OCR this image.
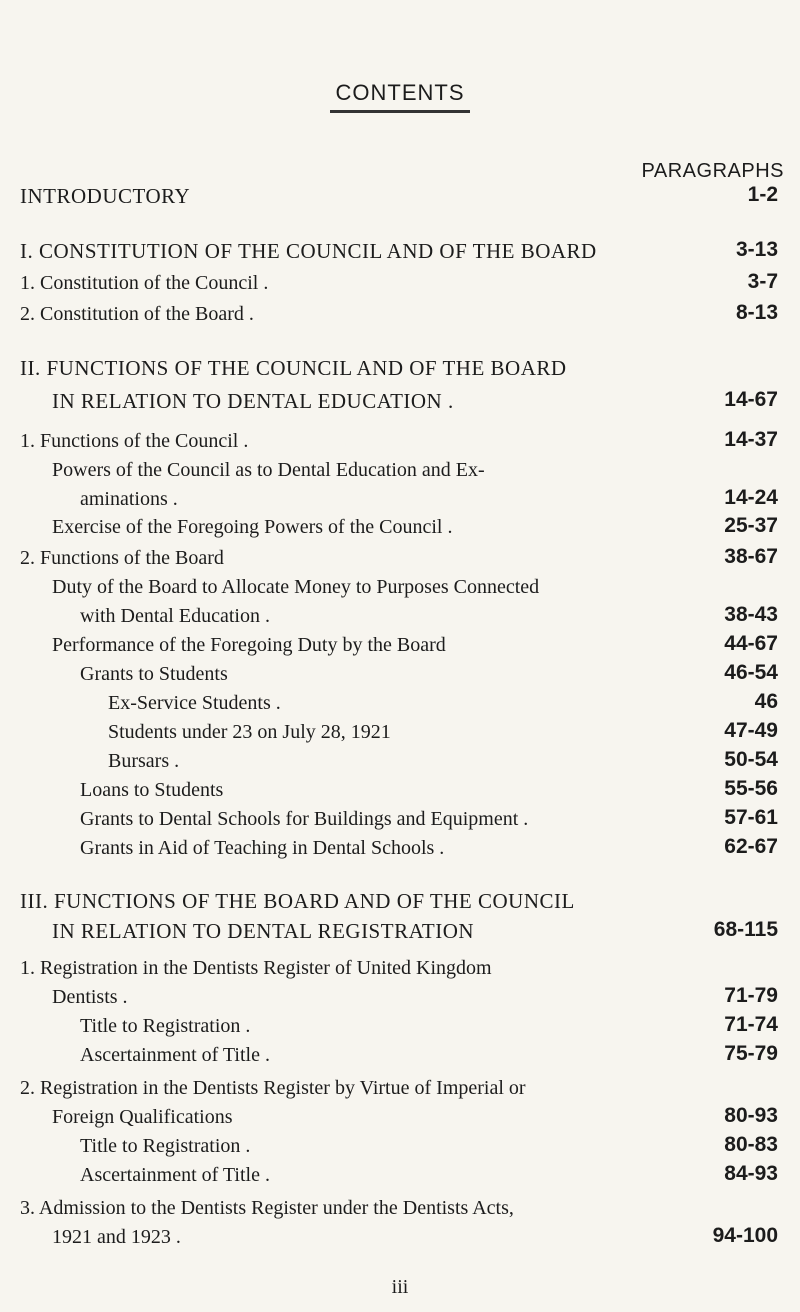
CONTENTS
PARAGRAPHS
INTRODUCTORY	1-2
I. CONSTITUTION OF THE COUNCIL AND OF THE BOARD	3-13
1. Constitution of the Council .	3-7
2. Constitution of the Board .	8-13
II. FUNCTIONS OF THE COUNCIL AND OF THE BOARD
IN RELATION TO DENTAL EDUCATION .	14-67
1. Functions of the Council .	14-37
Powers of the Council as to Dental Education and Ex-
aminations .	14-24
Exercise of the Foregoing Powers of the Council .	25-37
2. Functions of the Board	38-67
Duty of the Board to Allocate Money to Purposes Connected
with Dental Education .	38-43
Performance of the Foregoing Duty by the Board	44-67
Grants to Students	46-54
Ex-Service Students .	46
Students under 23 on July 28, 1921	47-49
Bursars .	50-54
Loans to Students	55-56
Grants to Dental Schools for Buildings and Equipment .	57-61
Grants in Aid of Teaching in Dental Schools .	62-67
III. FUNCTIONS OF THE BOARD AND OF THE COUNCIL
IN RELATION TO DENTAL REGISTRATION	68-115
1. Registration in the Dentists Register of United Kingdom
Dentists .	71-79
Title to Registration .	71-74
Ascertainment of Title .	75-79
2. Registration in the Dentists Register by Virtue of Imperial or
Foreign Qualifications	80-93
Title to Registration .	80-83
Ascertainment of Title .	84-93
3. Admission to the Dentists Register under the Dentists Acts,
1921 and 1923 .	94-100
iii
